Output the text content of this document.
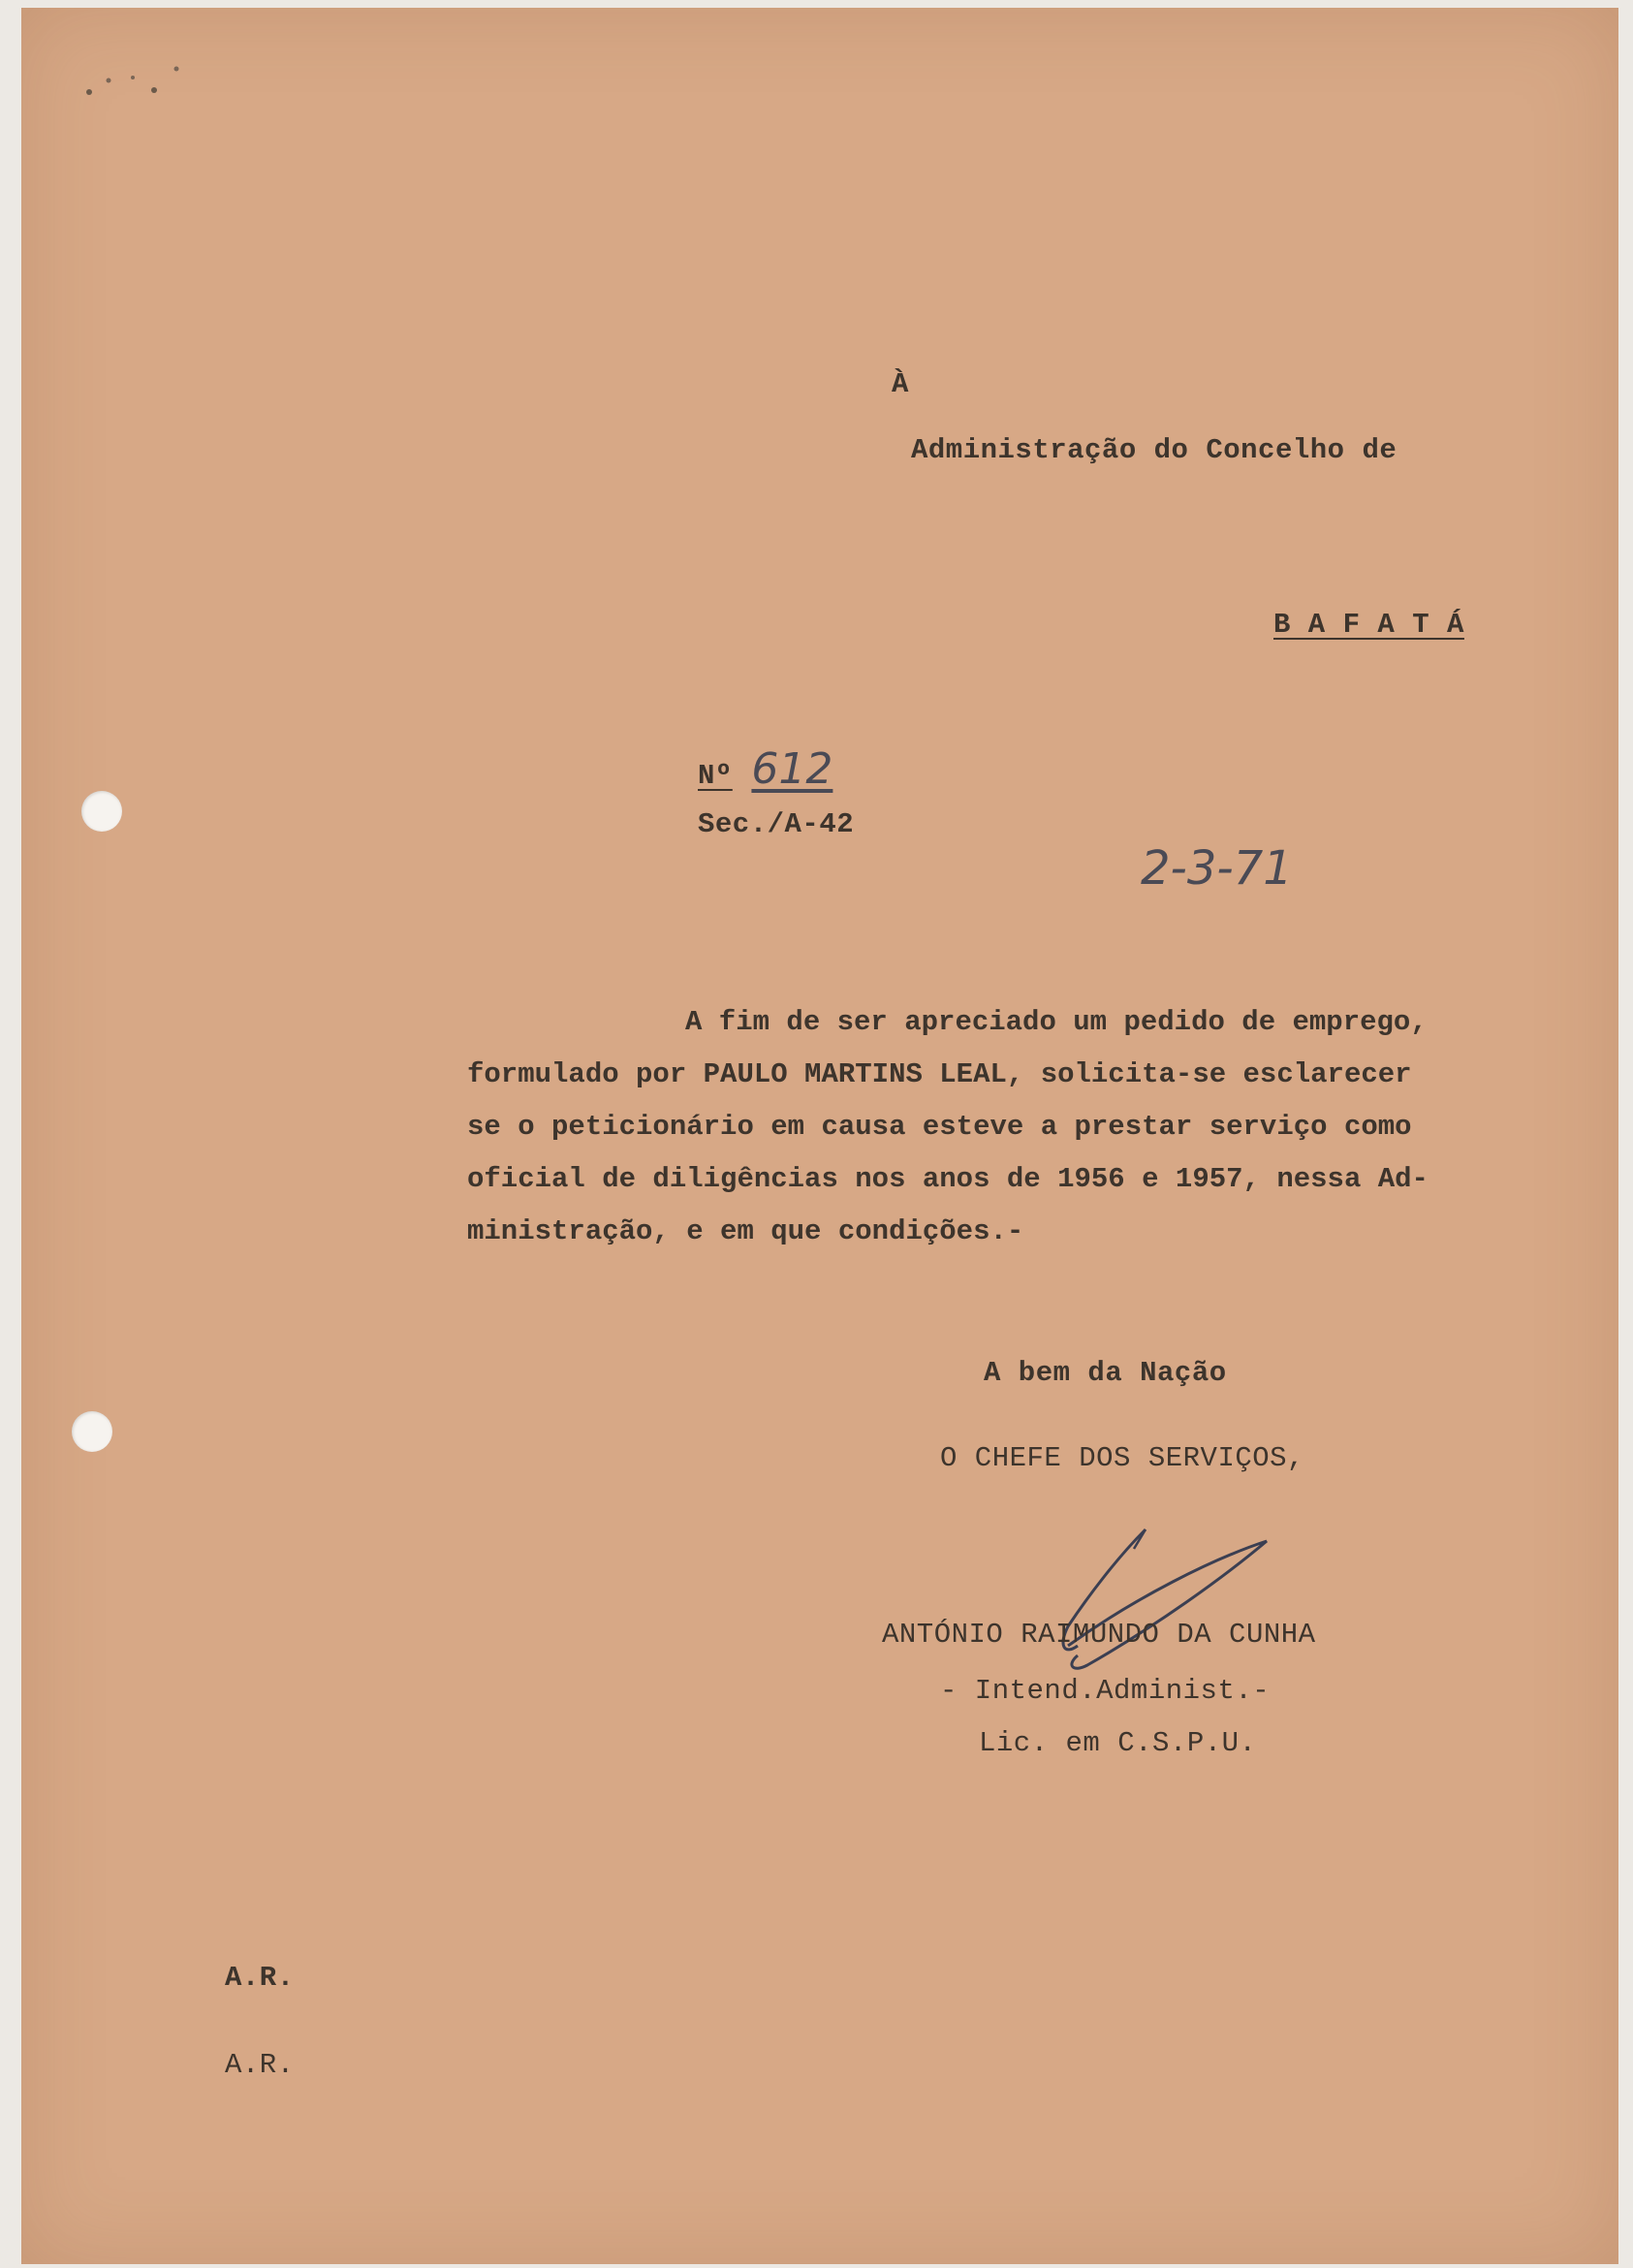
À
Administração do Concelho de
B A F A T Á
Nº 612
Sec./A-42
2-3-71

A fim de ser apreciado um pedido de emprego,

formulado por PAULO MARTINS LEAL, solicita-se esclarecer

se o peticionário em causa esteve a prestar serviço como

oficial de diligências nos anos de 1956 e 1957, nessa Ad-

ministração, e em que condições.-

A bem da Nação
O CHEFE DOS SERVIÇOS,
ANTÓNIO RAIMUNDO DA CUNHA
- Intend.Administ.-
Lic. em C.S.P.U.
A.R.
A.R.
